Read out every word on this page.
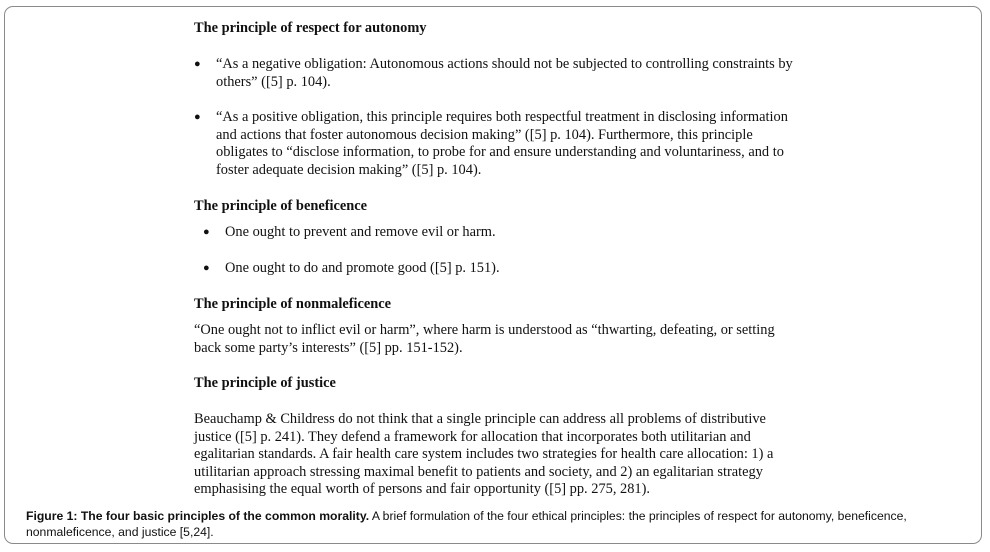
The principle of respect for autonomy
● “As a negative obligation: Autonomous actions should not be subjected to controlling constraints by others” ([5] p. 104).
● “As a positive obligation, this principle requires both respectful treatment in disclosing information and actions that foster autonomous decision making” ([5] p. 104). Furthermore, this principle obligates to “disclose information, to probe for and ensure understanding and voluntariness, and to foster adequate decision making” ([5] p. 104).
The principle of beneficence
● One ought to prevent and remove evil or harm.
● One ought to do and promote good ([5] p. 151).
The principle of nonmaleficence

“One ought not to inflict evil or harm”, where harm is understood as “thwarting, defeating, or setting back some party’s interests” ([5] pp. 151-152).

The principle of justice

Beauchamp & Childress do not think that a single principle can address all problems of distributive justice ([5] p. 241). They defend a framework for allocation that incorporates both utilitarian and egalitarian standards. A fair health care system includes two strategies for health care allocation: 1) a utilitarian approach stressing maximal benefit to patients and society, and 2) an egalitarian strategy emphasising the equal worth of persons and fair opportunity ([5] pp. 275, 281).

Figure 1: The four basic principles of the common morality. A brief formulation of the four ethical principles: the principles of respect for autonomy, beneficence, nonmaleficence, and justice [5,24].
